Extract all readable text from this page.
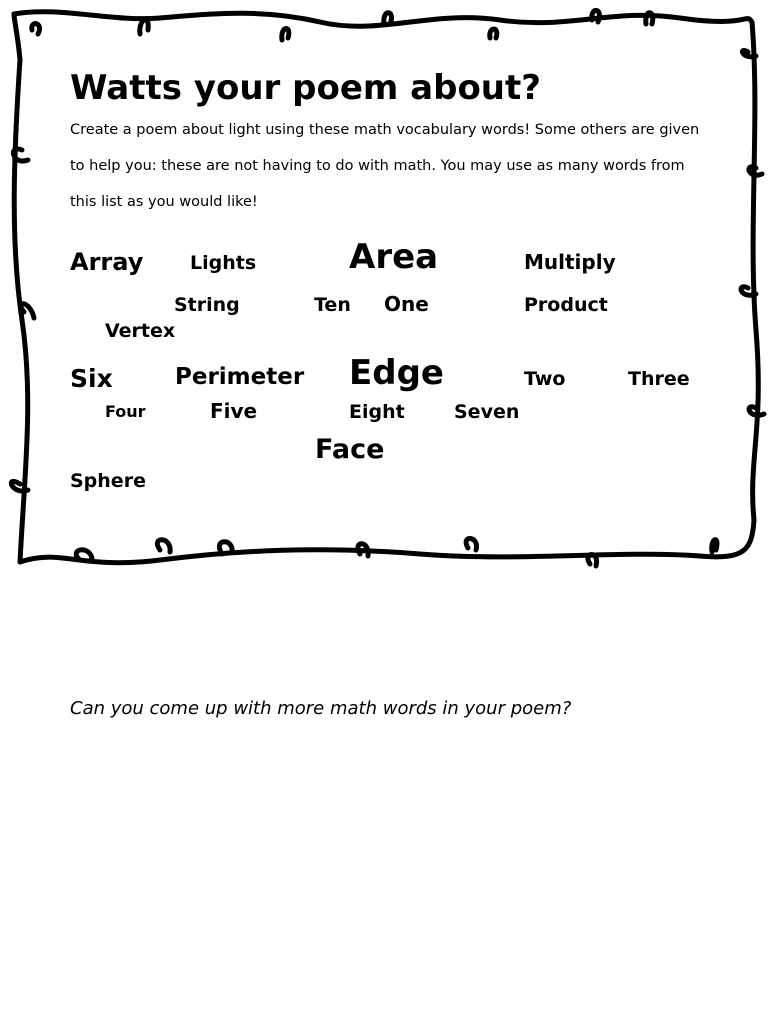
Watts your poem about?

Create a poem about light using these math vocabulary words! Some others are given to help you: these are not having to do with math. You may use as many words from this list as you would like!

Array Lights	Area	Multiply
String	Ten One	Product
Vertex
Six	Perimeter Edge	Two	Three
Four	Five	Eight	Seven
Face
Sphere

Can you come up with more math words in your poem?
